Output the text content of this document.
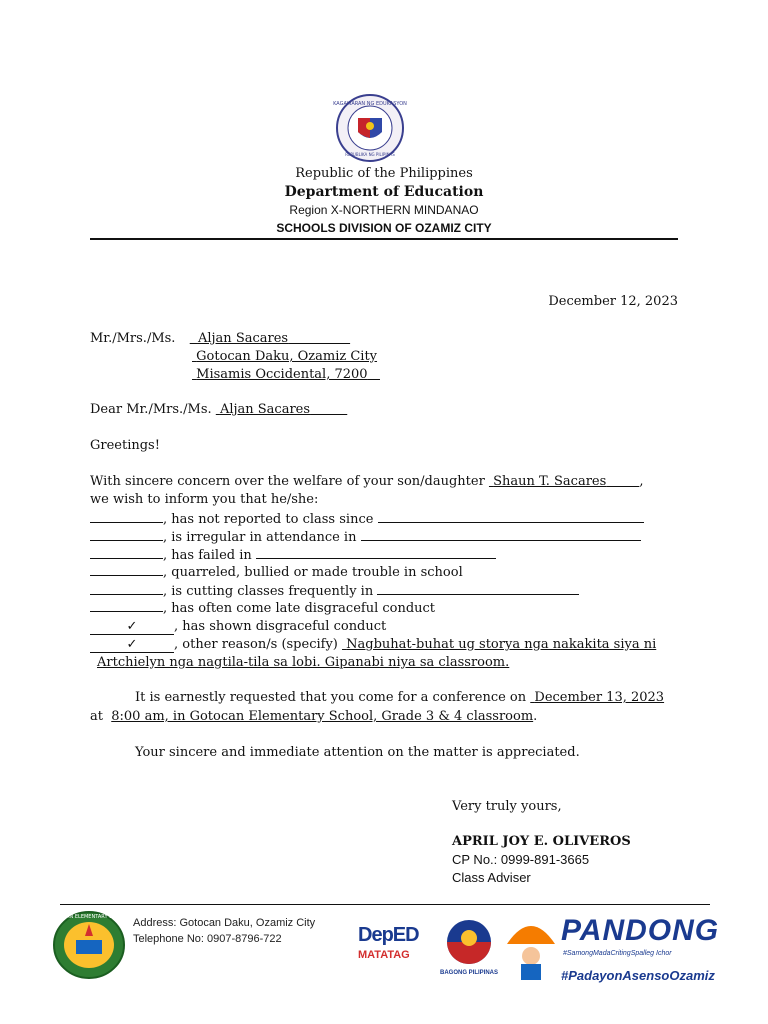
KAGAWARAN NG EDUKASYON
REPUBLIKA NG PILIPINAS
Republic of the Philippines
Department of Education
Region X-NORTHERN MINDANAO
SCHOOLS DIVISION OF OZAMIZ CITY
December 12, 2023
Mr./Mrs./Ms. Aljan Sacares
Gotocan Daku, Ozamiz City
Misamis Occidental, 7200
Dear Mr./Mrs./Ms. Aljan Sacares
Greetings!
With sincere concern over the welfare of your son/daughter Shaun T. Sacares	,
we wish to inform you that he/she:
, has not reported to class since
, is irregular in attendance in
, has failed in
, quarreled, bullied or made trouble in school
, is cutting classes frequently in
, has often come late disgraceful conduct
✓	, has shown disgraceful conduct
✓	, other reason/s (specify) Nagbuhat-buhat ug storya nga nakakita siya ni
Artchielyn nga nagtila-tila sa lobi. Gipanabi niya sa classroom.
It is earnestly requested that you come for a conference on December 13, 2023
at 8:00 am, in Gotocan Elementary School, Grade 3 & 4 classroom.
Your sincere and immediate attention on the matter is appreciated.
Very truly yours,
APRIL JOY E. OLIVEROS
CP No.: 0999-891-3665
Class Adviser
GOTOCAN ELEMENTARY SCHOOL Address: Gotocan Daku, Ozamiz City
Telephone No: 0907-8796-722	DepED
MATATAG
BAGONG PILIPINAS
PANDONG
#SamongMadaCritingSpalleg Ichor
#PadayonAsensoOzamiz
